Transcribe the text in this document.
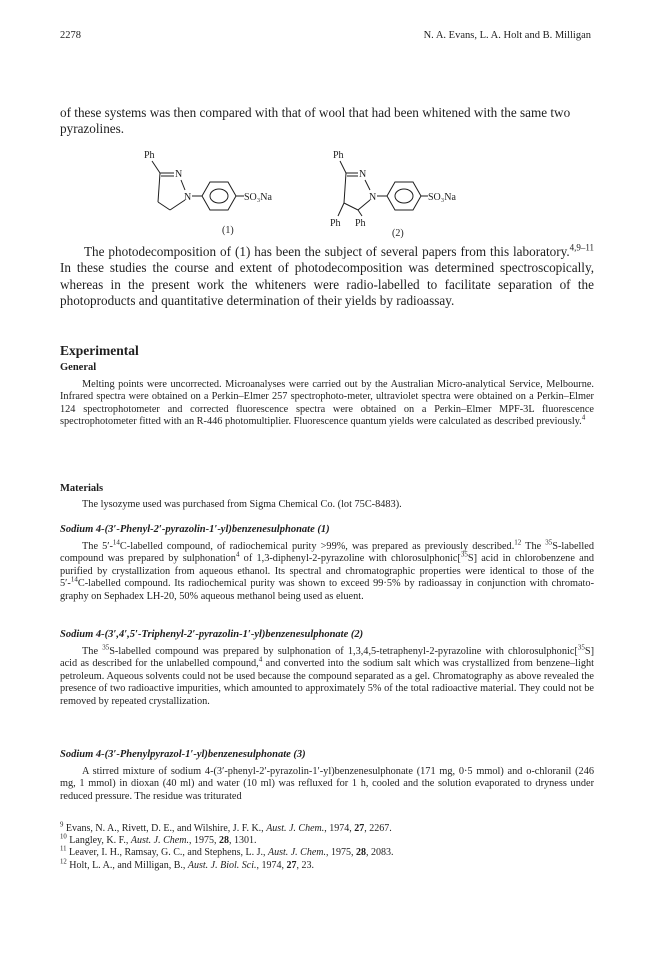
2278	N. A. Evans, L. A. Holt and B. Milligan

of these systems was then compared with that of wool that had been whitened with the same two pyrazolines.

Ph
N
N	SO₃Na
(1)
Ph
N
N
Ph Ph
SO₃Na
(2)

The photodecomposition of (1) has been the subject of several papers from this laboratory.$^{4,9-11}$ In these studies the course and extent of photodecomposition was determined spectroscopically, whereas in the present work the whiteners were radio-labelled to facilitate separation of the photoproducts and quantitative determination of their yields by radioassay.

Experimental
General

Melting points were uncorrected. Microanalyses were carried out by the Australian Micro-analytical Service, Melbourne. Infrared spectra were obtained on a Perkin–Elmer 257 spectrophoto-meter, ultraviolet spectra were obtained on a Perkin–Elmer 124 spectrophotometer and corrected fluorescence spectra were obtained on a Perkin–Elmer MPF-3L fluorescence spectrophotometer fitted with an R-446 photomultiplier. Fluorescence quantum yields were calculated as described previously.$^4$

Materials

The lysozyme used was purchased from Sigma Chemical Co. (lot 75C-8483).

Sodium 4-(3′-Phenyl-2′-pyrazolin-1′-yl)benzenesulphonate (1)

The 5′-$^{14}$C-labelled compound, of radiochemical purity >99%, was prepared as previously described.$^{12}$ The $^{35}$S-labelled compound was prepared by sulphonation$^4$ of 1,3-diphenyl-2-pyrazoline with chlorosulphonic[$^{35}$S] acid in chlorobenzene and purified by crystallization from aqueous ethanol. Its spectral and chromatographic properties were identical to those of the 5′-$^{14}$C-labelled compound. Its radiochemical purity was shown to exceed 99·5% by radioassay in conjunction with chromato-graphy on Sephadex LH-20, 50% aqueous methanol being used as eluent.

Sodium 4-(3′,4′,5′-Triphenyl-2′-pyrazolin-1′-yl)benzenesulphonate (2)

The $^{35}$S-labelled compound was prepared by sulphonation of 1,3,4,5-tetraphenyl-2-pyrazoline with chlorosulphonic[$^{35}$S] acid as described for the unlabelled compound,$^4$ and converted into the sodium salt which was crystallized from benzene–light petroleum. Aqueous solvents could not be used because the compound separated as a gel. Chromatography as above revealed the presence of two radioactive impurities, which amounted to approximately 5% of the total radioactive material. They could not be removed by repeated crystallization.

Sodium 4-(3′-Phenylpyrazol-1′-yl)benzenesulphonate (3)

A stirred mixture of sodium 4-(3′-phenyl-2′-pyrazolin-1′-yl)benzenesulphonate (171 mg, 0·5 mmol) and o-chloranil (246 mg, 1 mmol) in dioxan (40 ml) and water (10 ml) was refluxed for 1 h, cooled and the solution evaporated to dryness under reduced pressure. The residue was triturated

$^9$ Evans, N. A., Rivett, D. E., and Wilshire, J. F. K., Aust. J. Chem., 1974, 27, 2267.

$^{10}$ Langley, K. F., Aust. J. Chem., 1975, 28, 1301.

$^{11}$ Leaver, I. H., Ramsay, G. C., and Stephens, L. J., Aust. J. Chem., 1975, 28, 2083.

$^{12}$ Holt, L. A., and Milligan, B., Aust. J. Biol. Sci., 1974, 27, 23.
